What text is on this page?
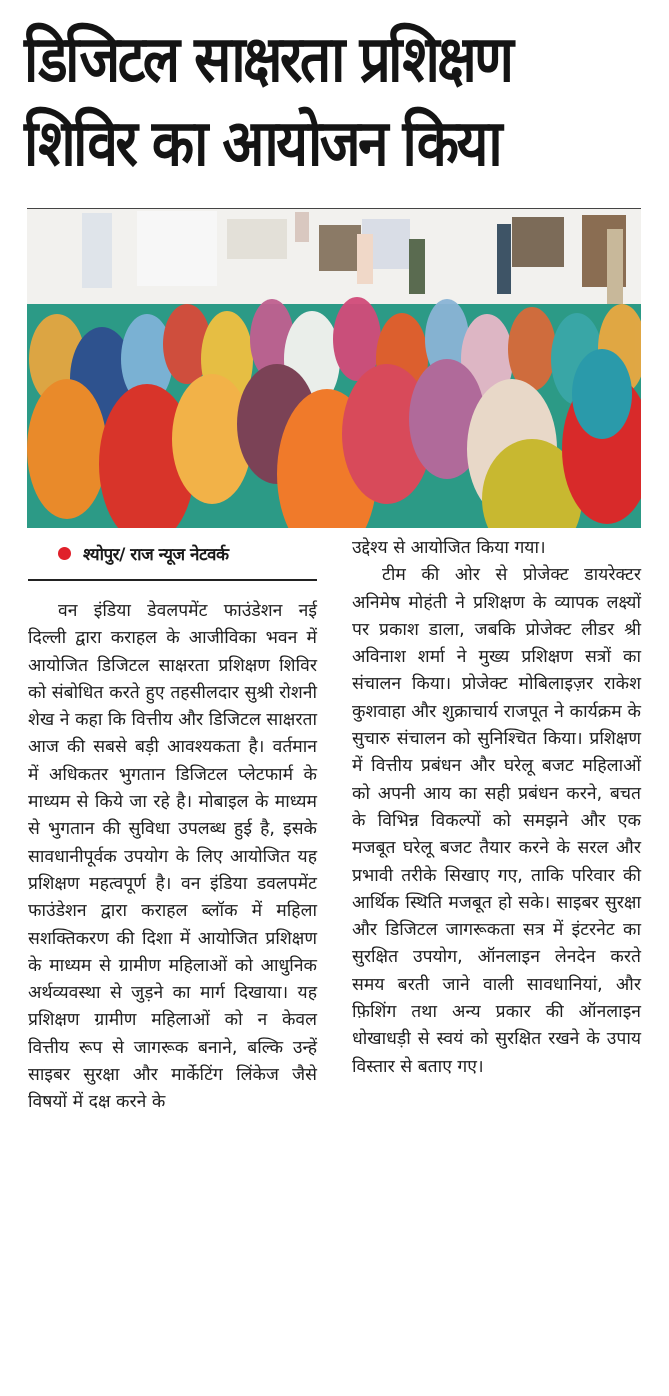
डिजिटल साक्षरता प्रशिक्षण
शिविर का आयोजन किया
श्योपुर/ राज न्यूज नेटवर्क

वन इंडिया डेवलपमेंट फाउंडेशन नई दिल्ली द्वारा कराहल के आजीविका भवन में आयोजित डिजिटल साक्षरता प्रशिक्षण शिविर को संबोधित करते हुए तहसीलदार सुश्री रोशनी शेख ने कहा कि वित्तीय और डिजिटल साक्षरता आज की सबसे बड़ी आवश्यकता है। वर्तमान में अधिकतर भुगतान डिजिटल प्लेटफार्म के माध्यम से किये जा रहे है। मोबाइल के माध्यम से भुगतान की सुविधा उपलब्ध हुई है, इसके सावधानीपूर्वक उपयोग के लिए आयोजित यह प्रशिक्षण महत्वपूर्ण है। वन इंडिया डवलपमेंट फाउंडेशन द्वारा कराहल ब्लॉक में महिला सशक्तिकरण की दिशा में आयोजित प्रशिक्षण के माध्यम से ग्रामीण महिलाओं को आधुनिक अर्थव्यवस्था से जुड़ने का मार्ग दिखाया। यह प्रशिक्षण ग्रामीण महिलाओं को न केवल वित्तीय रूप से जागरूक बनाने, बल्कि उन्हें साइबर सुरक्षा और मार्केटिंग लिंकेज जैसे विषयों में दक्ष करने के

उद्देश्य से आयोजित किया गया।

टीम की ओर से प्रोजेक्ट डायरेक्टर अनिमेष मोहंती ने प्रशिक्षण के व्यापक लक्ष्यों पर प्रकाश डाला, जबकि प्रोजेक्ट लीडर श्री अविनाश शर्मा ने मुख्य प्रशिक्षण सत्रों का संचालन किया। प्रोजेक्ट मोबिलाइज़र राकेश कुशवाहा और शुक्राचार्य राजपूत ने कार्यक्रम के सुचारु संचालन को सुनिश्चित किया। प्रशिक्षण में वित्तीय प्रबंधन और घरेलू बजट महिलाओं को अपनी आय का सही प्रबंधन करने, बचत के विभिन्न विकल्पों को समझने और एक मजबूत घरेलू बजट तैयार करने के सरल और प्रभावी तरीके सिखाए गए, ताकि परिवार की आर्थिक स्थिति मजबूत हो सके। साइबर सुरक्षा और डिजिटल जागरूकता सत्र में इंटरनेट का सुरक्षित उपयोग, ऑनलाइन लेनदेन करते समय बरती जाने वाली सावधानियां, और फ़िशिंग तथा अन्य प्रकार की ऑनलाइन धोखाधड़ी से स्वयं को सुरक्षित रखने के उपाय विस्तार से बताए गए।
